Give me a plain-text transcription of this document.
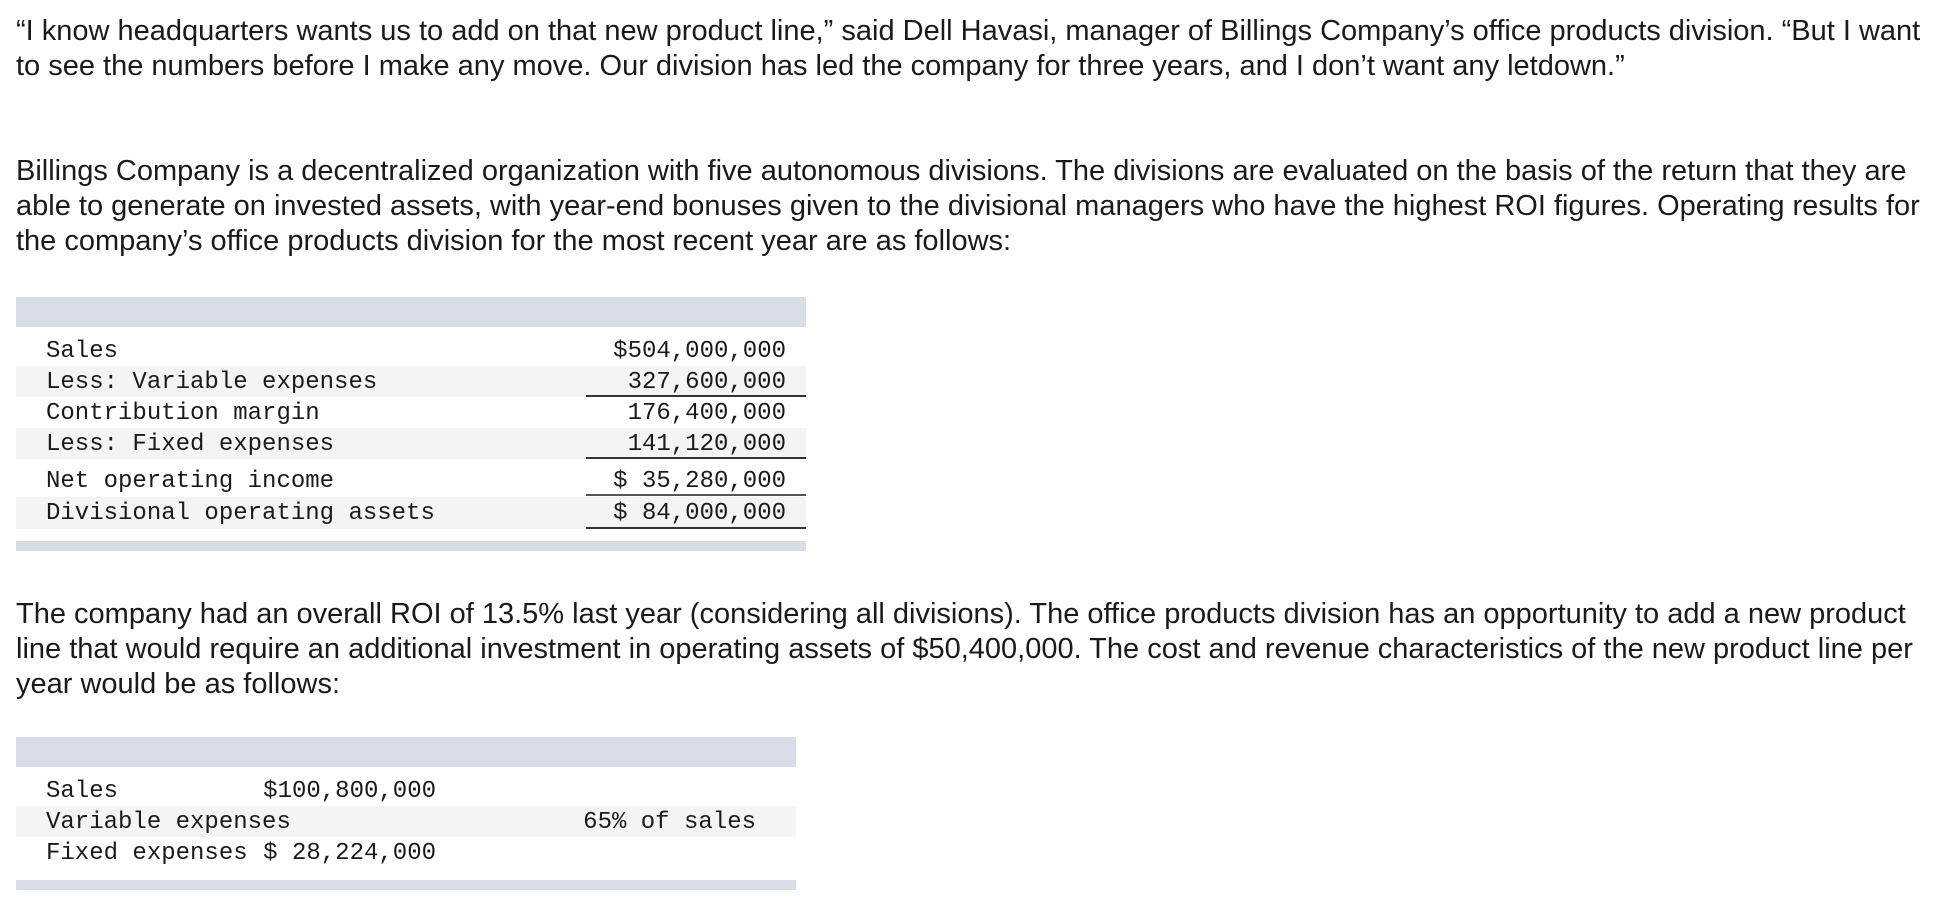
“I know headquarters wants us to add on that new product line,” said Dell Havasi, manager of Billings Company’s office products division. “But I want to see the numbers before I make any move. Our division has led the company for three years, and I don’t want any letdown.”

Billings Company is a decentralized organization with five autonomous divisions. The divisions are evaluated on the basis of the return that they are able to generate on invested assets, with year-end bonuses given to the divisional managers who have the highest ROI figures. Operating results for the company’s office products division for the most recent year are as follows:

Sales	$504,000,000
Less: Variable expenses	327,600,000
Contribution margin	176,400,000
Less: Fixed expenses	141,120,000
Net operating income	$ 35,280,000
Divisional operating assets	$ 84,000,000

The company had an overall ROI of 13.5% last year (considering all divisions). The office products division has an opportunity to add a new product line that would require an additional investment in operating assets of $50,400,000. The cost and revenue characteristics of the new product line per year would be as follows:

Sales	$100,800,000
Variable expenses	65% of sales
Fixed expenses $ 28,224,000
